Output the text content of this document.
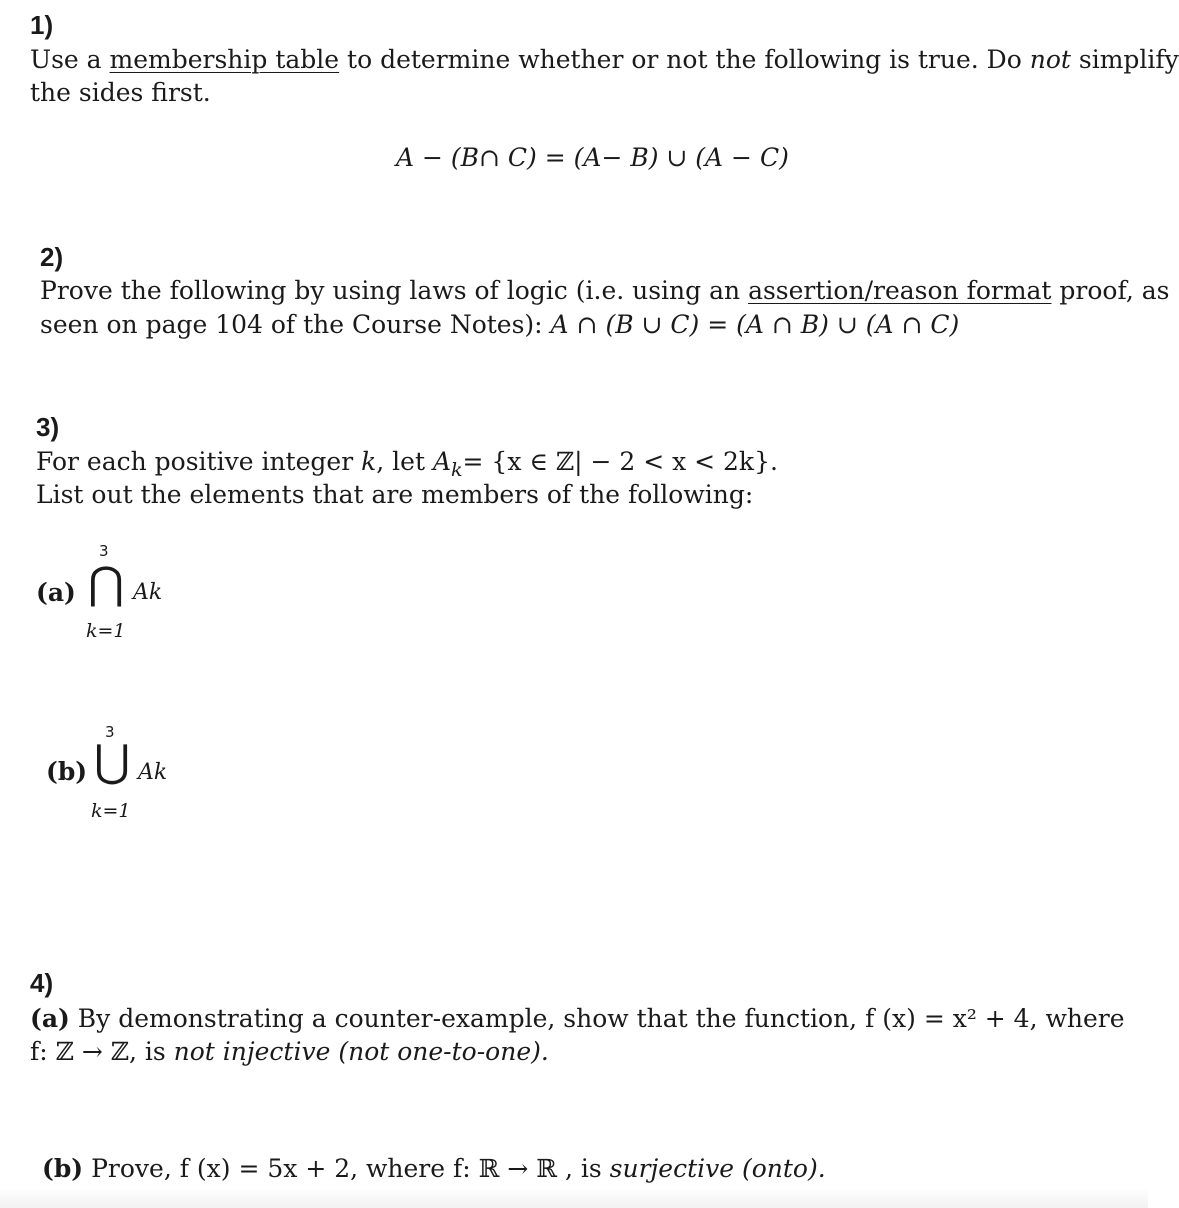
1)
Use a membership table to determine whether or not the following is true. Do not simplify
the sides first.
A − (B∩ C) = (A− B) ∪ (A − C)
2)
Prove the following by using laws of logic (i.e. using an assertion/reason format proof, as
seen on page 104 of the Course Notes): A ∩ (B ∪ C) = (A ∩ B) ∪ (A ∩ C)
3)
For each positive integer k, let $A_k= \{x$ ∈ ℤ| − 2 < x < 2k}.
List out the elements that are members of the following:
3
(a) ⋂ Ak
k=1
3
(b) ⋃ Ak
k=1
4)
(a) By demonstrating a counter-example, show that the function, f (x) = x² + 4, where
f: ℤ → ℤ, is not injective (not one-to-one).
(b) Prove, f (x) = 5x + 2, where f: ℝ → ℝ , is surjective (onto).
